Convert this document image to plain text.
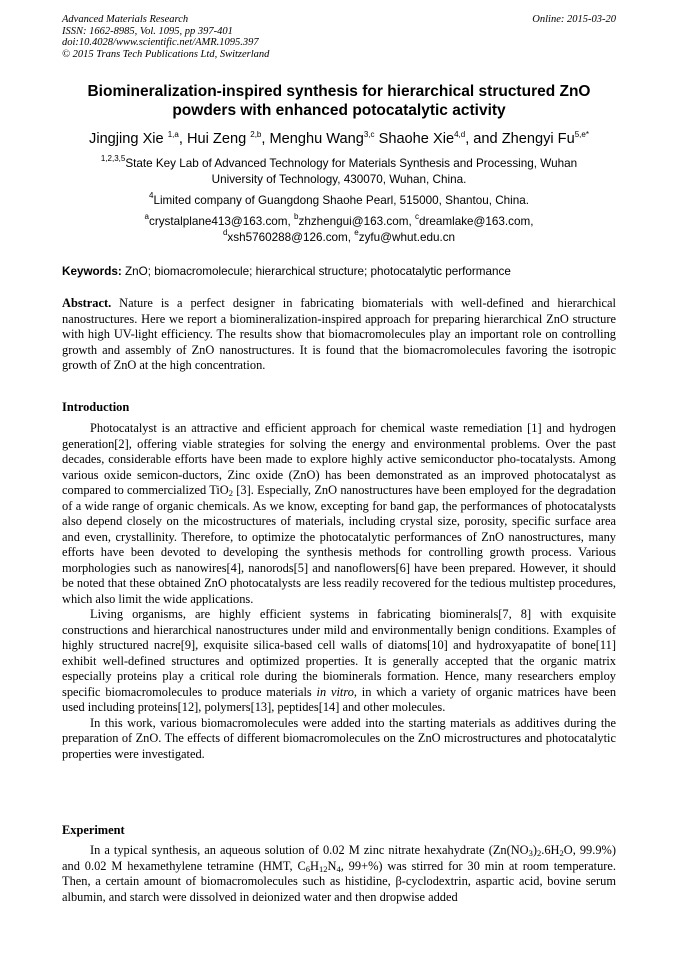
Advanced Materials Research
ISSN: 1662-8985, Vol. 1095, pp 397-401
doi:10.4028/www.scientific.net/AMR.1095.397
© 2015 Trans Tech Publications Ltd, Switzerland
Online: 2015-03-20
Biomineralization-inspired synthesis for hierarchical structured ZnO
powders with enhanced potocatalytic activity
Jingjing Xie $^{1,a}$, Hui Zeng $^{2,b}$, Menghu Wang$^{3,c}$ Shaohe Xie$^{4,d}$, and Zhengyi $Fu^{5,e*}$
$^{1,2,3,5}$State Key Lab of Advanced Technology for Materials Synthesis and Processing, Wuhan
University of Technology, 430070, Wuhan, China.
$^4$Limited company of Guangdong Shaohe Pearl, 515000, Shantou, China.
$^a$crystalplane413@163.com, $^b$zhzhengui@163.com, $^c$dreamlake@163.com,
$^d$xsh5760288@126.com, $^e$zyfu@whut.edu.cn
Keywords: ZnO; biomacromolecule; hierarchical structure; photocatalytic performance

Abstract. Nature is a perfect designer in fabricating biomaterials with well-defined and hierarchical nanostructures. Here we report a biomineralization-inspired approach for preparing hierarchical ZnO structure with high UV-light efficiency. The results show that biomacromolecules play an important role on controlling growth and assembly of ZnO nanostructures. It is found that the biomacromolecules favoring the isotropic growth of ZnO at the high concentration.

Introduction

Photocatalyst is an attractive and efficient approach for chemical waste remediation [1] and hydrogen generation[2], offering viable strategies for solving the energy and environmental problems. Over the past decades, considerable efforts have been made to explore highly active semiconductor pho-tocatalysts. Among various oxide semicon-ductors, Zinc oxide (ZnO) has been demonstrated as an improved photocatalyst as compared to commercialized TiO$_2$ [3]. Especially, ZnO nanostructures have been employed for the degradation of a wide range of organic chemicals. As we know, excepting for band gap, the performances of photocatalysts also depend closely on the micostructures of materials, including crystal size, porosity, specific surface area and even, crystallinity. Therefore, to optimize the photocatalytic performances of ZnO nanostructures, many efforts have been devoted to developing the synthesis methods for controlling growth process. Various morphologies such as nanowires[4], nanorods[5] and nanoflowers[6] have been prepared. However, it should be noted that these obtained ZnO photocatalysts are less readily recovered for the tedious multistep procedures, which also limit the wide applications.

Living organisms, are highly efficient systems in fabricating biominerals[7, 8] with exquisite constructions and hierarchical nanostructures under mild and environmentally benign conditions. Examples of highly structured nacre[9], exquisite silica-based cell walls of diatoms[10] and hydroxyapatite of bone[11] exhibit well-defined structures and optimized properties. It is generally accepted that the organic matrix especially proteins play a critical role during the biominerals formation. Hence, many researchers employ specific biomacromolecules to produce materials in vitro, in which a variety of organic matrices have been used including proteins[12], polymers[13], peptides[14] and other molecules.

In this work, various biomacromolecules were added into the starting materials as additives during the preparation of ZnO. The effects of different biomacromolecules on the ZnO microstructures and photocatalytic properties were investigated.

Experiment

In a typical synthesis, an aqueous solution of 0.02 M zinc nitrate hexahydrate ($Zn(NO_3)_2.6H_2O$, 99.9%) and 0.02 M hexamethylene tetramine (HMT, $C_6H_{12}N_4$, 99+%) was stirred for 30 min at room temperature. Then, a certain amount of biomacromolecules such as histidine, β-cyclodextrin, aspartic acid, bovine serum albumin, and starch were dissolved in deionized water and then dropwise added
